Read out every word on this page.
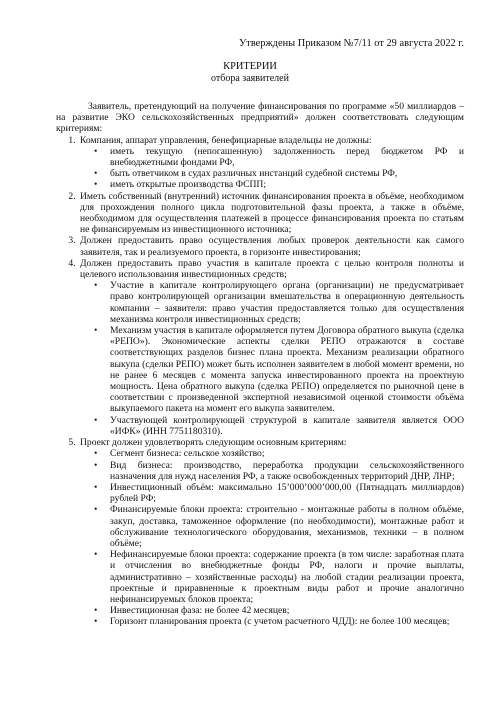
Утверждены Приказом №7/11 от 29 августа 2022 г.
КРИТЕРИИ
отбора заявителей

Заявитель, претендующий на получение финансирования по программе «50 миллиардов – на развитие ЭКО сельскохозяйственных предприятий» должен соответствовать следующим критериям:

1. Компания, аппарат управления, бенефициарные владельцы не должны:
• иметь текущую (непогашенную) задолженность перед бюджетом РФ и внебюджетными фондами РФ,
• быть ответчиком в судах различных инстанций судебной системы РФ,
• иметь открытые производства ФСПП;
2. Иметь собственный (внутренний) источник финансирования проекта в объёме, необходимом для прохождения полного цикла подготовительной фазы проекта, а также в объёме, необходимом для осуществления платежей в процессе финансирования проекта по статьям не финансируемым из инвестиционного источника;
3. Должен предоставить право осуществления любых проверок деятельности как самого заявителя, так и реализуемого проекта, в горизонте инвестирования;
4. Должен предоставить право участия в капитале проекта с целью контроля полноты и целевого использования инвестиционных средств;
• Участие в капитале контролирующего органа (организации) не предусматривает право контролирующей организации вмешательства в операционную деятельность компании – заявителя: право участия предоставляется только для осуществления механизма контроля инвестиционных средств;
• Механизм участия в капитале оформляется путем Договора обратного выкупа (сделка «РЕПО»). Экономические аспекты сделки РЕПО отражаются в составе соответствующих разделов бизнес плана проекта. Механизм реализации обратного выкупа (сделки РЕПО) может быть исполнен заявителем в любой момент времени, но не ранее 6 месяцев с момента запуска инвестированного проекта на проектную мощность. Цена обратного выкупа (сделка РЕПО) определяется по рыночной цене в соответствии с произведенной экспертной независимой оценкой стоимости объёма выкупаемого пакета на момент его выкупа заявителем.
• Участвующей контролирующей структурой в капитале заявителя является ООО «ИФК» (ИНН 7751180310).
5. Проект должен удовлетворять следующим основным критериям:
• Сегмент бизнеса: сельское хозяйство;
• Вид бизнеса: производство, переработка продукции сельскохозяйственного назначения для нужд населения РФ, а также освобожденных территорий ДНР, ЛНР;
• Инвестиционный объём: максимально 15’000’000’000,00 (Пятнадцать миллиардов) рублей РФ;
• Финансируемые блоки проекта: строительно - монтажные работы в полном объёме, закуп, доставка, таможенное оформление (по необходимости), монтажные работ и обслуживание технологического оборудования, механизмов, техники – в полном объёме;
• Нефинансируемые блоки проекта: содержание проекта (в том числе: заработная плата и отчисления во внебюджетные фонды РФ, налоги и прочие выплаты, административно – хозяйственные расходы) на любой стадии реализации проекта, проектные и приравненные к проектным виды работ и прочие аналогично нефинансируемых блоков проекта;
• Инвестиционная фаза: не более 42 месяцев;
• Горизонт планирования проекта (с учетом расчетного ЧДД): не более 100 месяцев;
